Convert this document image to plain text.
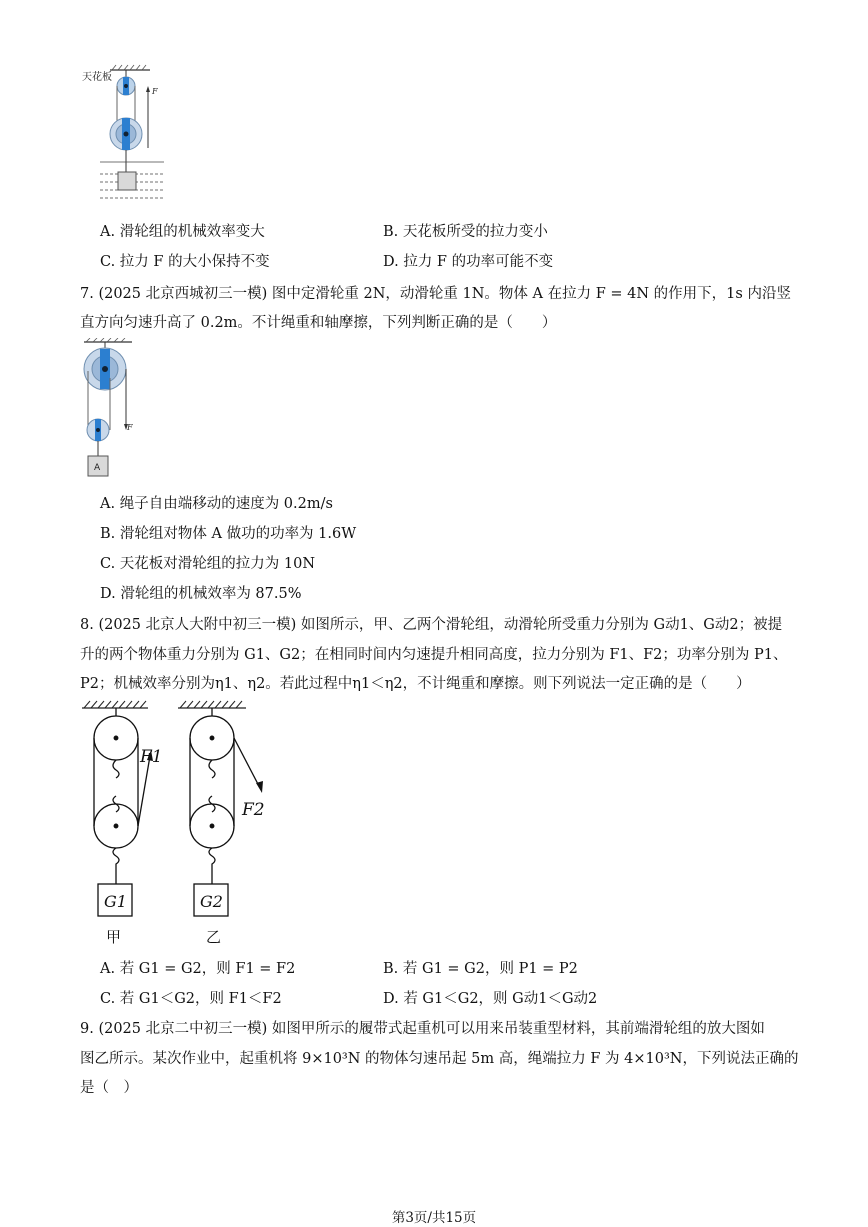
天花板
F
A. 滑轮组的机械效率变大	B. 天花板所受的拉力变小
C. 拉力 F 的大小保持不变	D. 拉力 F 的功率可能不变
7. (2025 北京西城初三一模) 图中定滑轮重 2N，动滑轮重 1N。物体 A 在拉力 F = 4N 的作用下，1s 内沿竖
直方向匀速升高了 0.2m。不计绳重和轴摩擦，下列判断正确的是（　　）
F
A
A. 绳子自由端移动的速度为 0.2m/s
B. 滑轮组对物体 A 做功的功率为 1.6W
C. 天花板对滑轮组的拉力为 10N
D. 滑轮组的机械效率为 87.5%
8. (2025 北京人大附中初三一模) 如图所示，甲、乙两个滑轮组，动滑轮所受重力分别为 G动1、G动2；被提
升的两个物体重力分别为 G1、G2；在相同时间内匀速提升相同高度，拉力分别为 F1、F2；功率分别为 P1、
P2；机械效率分别为η1、η2。若此过程中η1＜η2，不计绳重和摩擦。则下列说法一定正确的是（　　）
F1
G1
甲
F2
G2
乙
A. 若 G1 = G2，则 F1 = F2	B. 若 G1 = G2，则 P1 = P2
C. 若 G1＜G2，则 F1＜F2	D. 若 G1＜G2，则 G动1＜G动2
9. (2025 北京二中初三一模) 如图甲所示的履带式起重机可以用来吊装重型材料，其前端滑轮组的放大图如
图乙所示。某次作业中，起重机将 9×10³N 的物体匀速吊起 5m 高，绳端拉力 F 为 4×10³N，下列说法正确的
是（　）
第3页/共15页
